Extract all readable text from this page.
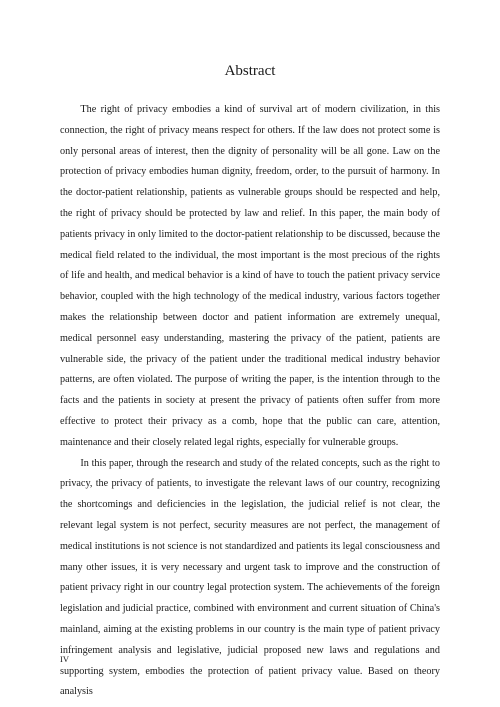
Abstract

The right of privacy embodies a kind of survival art of modern civilization, in this connection, the right of privacy means respect for others. If the law does not protect some is only personal areas of interest, then the dignity of personality will be all gone. Law on the protection of privacy embodies human dignity, freedom, order, to the pursuit of harmony. In the doctor-patient relationship, patients as vulnerable groups should be respected and help, the right of privacy should be protected by law and relief. In this paper, the main body of patients privacy in only limited to the doctor-patient relationship to be discussed, because the medical field related to the individual, the most important is the most precious of the rights of life and health, and medical behavior is a kind of have to touch the patient privacy service behavior, coupled with the high technology of the medical industry, various factors together makes the relationship between doctor and patient information are extremely unequal, medical personnel easy understanding, mastering the privacy of the patient, patients are vulnerable side, the privacy of the patient under the traditional medical industry behavior patterns, are often violated. The purpose of writing the paper, is the intention through to the facts and the patients in society at present the privacy of patients often suffer from more effective to protect their privacy as a comb, hope that the public can care, attention, maintenance and their closely related legal rights, especially for vulnerable groups.

In this paper, through the research and study of the related concepts, such as the right to privacy, the privacy of patients, to investigate the relevant laws of our country, recognizing the shortcomings and deficiencies in the legislation, the judicial relief is not clear, the relevant legal system is not perfect, security measures are not perfect, the management of medical institutions is not science is not standardized and patients its legal consciousness and many other issues, it is very necessary and urgent task to improve and the construction of patient privacy right in our country legal protection system. The achievements of the foreign legislation and judicial practice, combined with environment and current situation of China's mainland, aiming at the existing problems in our country is the main type of patient privacy infringement analysis and legislative, judicial proposed new laws and regulations and supporting system, embodies the protection of patient privacy value. Based on theory analysis

IV
